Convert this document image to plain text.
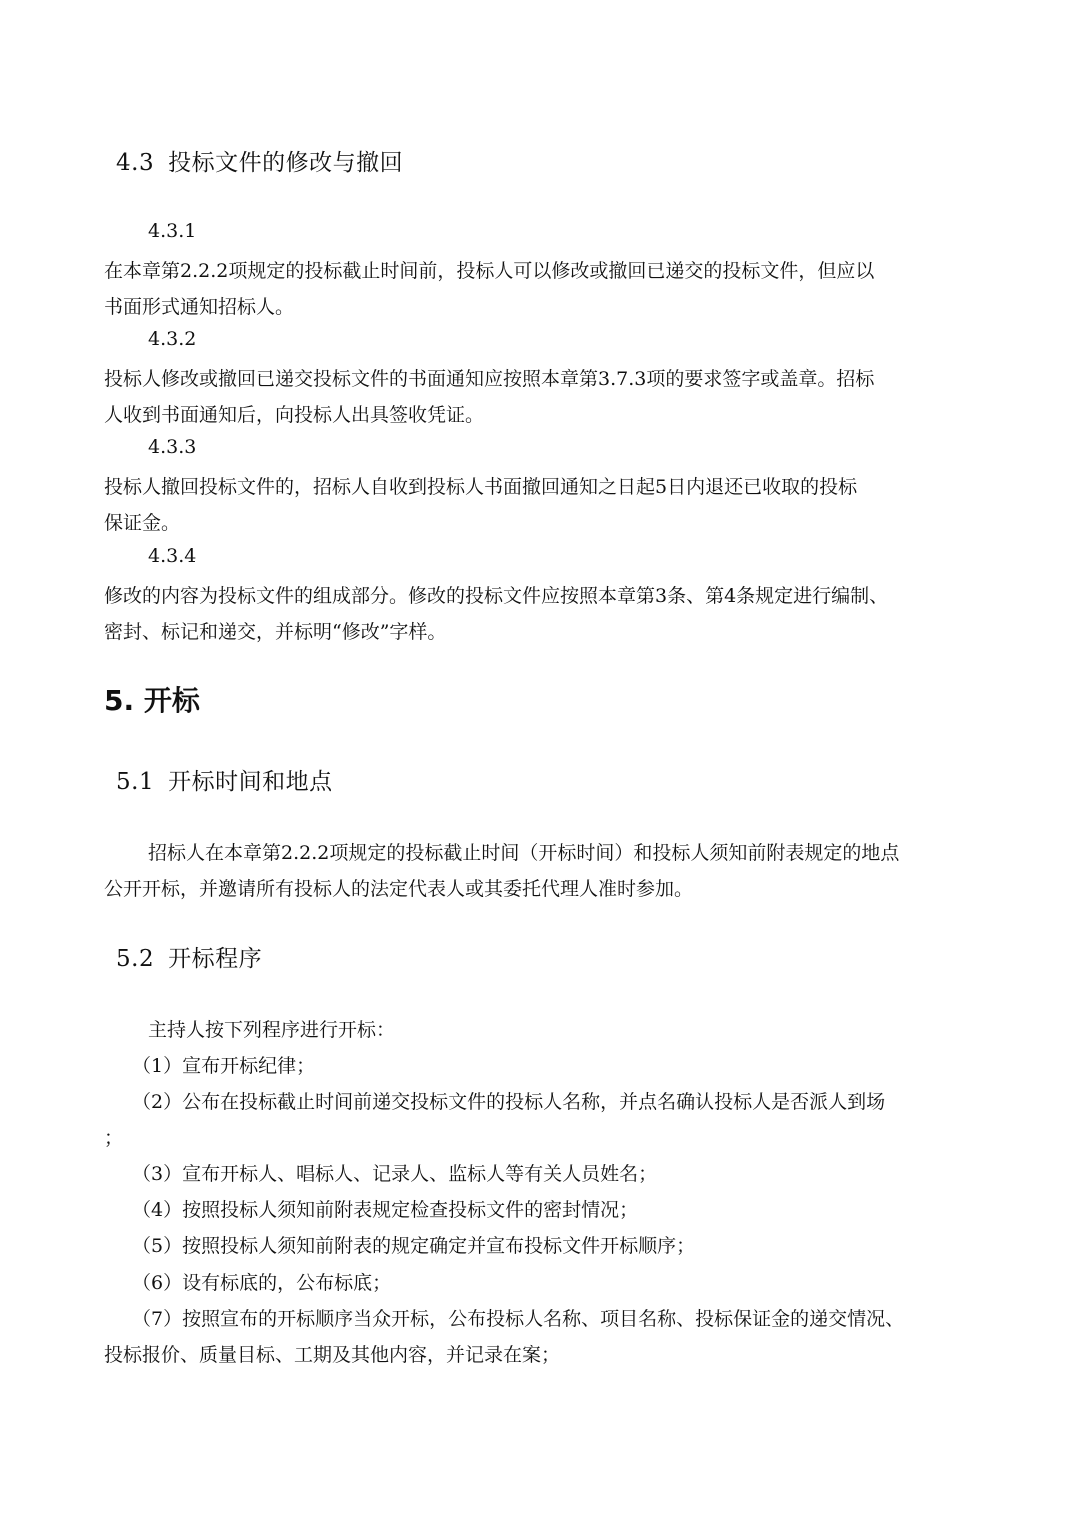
4.3 投标文件的修改与撤回
4.3.1
在本章第2.2.2项规定的投标截止时间前，投标人可以修改或撤回已递交的投标文件，但应以
书面形式通知招标人。
4.3.2
投标人修改或撤回已递交投标文件的书面通知应按照本章第3.7.3项的要求签字或盖章。招标
人收到书面通知后，向投标人出具签收凭证。
4.3.3
投标人撤回投标文件的，招标人自收到投标人书面撤回通知之日起5日内退还已收取的投标
保证金。
4.3.4
修改的内容为投标文件的组成部分。修改的投标文件应按照本章第3条、第4条规定进行编制、
密封、标记和递交，并标明“修改”字样。
5. 开标
5.1 开标时间和地点
招标人在本章第2.2.2项规定的投标截止时间（开标时间）和投标人须知前附表规定的地点
公开开标，并邀请所有投标人的法定代表人或其委托代理人准时参加。
5.2 开标程序
主持人按下列程序进行开标：
（1）宣布开标纪律；
（2）公布在投标截止时间前递交投标文件的投标人名称，并点名确认投标人是否派人到场
；
（3）宣布开标人、唱标人、记录人、监标人等有关人员姓名；
（4）按照投标人须知前附表规定检查投标文件的密封情况；
（5）按照投标人须知前附表的规定确定并宣布投标文件开标顺序；
（6）设有标底的，公布标底；
（7）按照宣布的开标顺序当众开标，公布投标人名称、项目名称、投标保证金的递交情况、
投标报价、质量目标、工期及其他内容，并记录在案；
